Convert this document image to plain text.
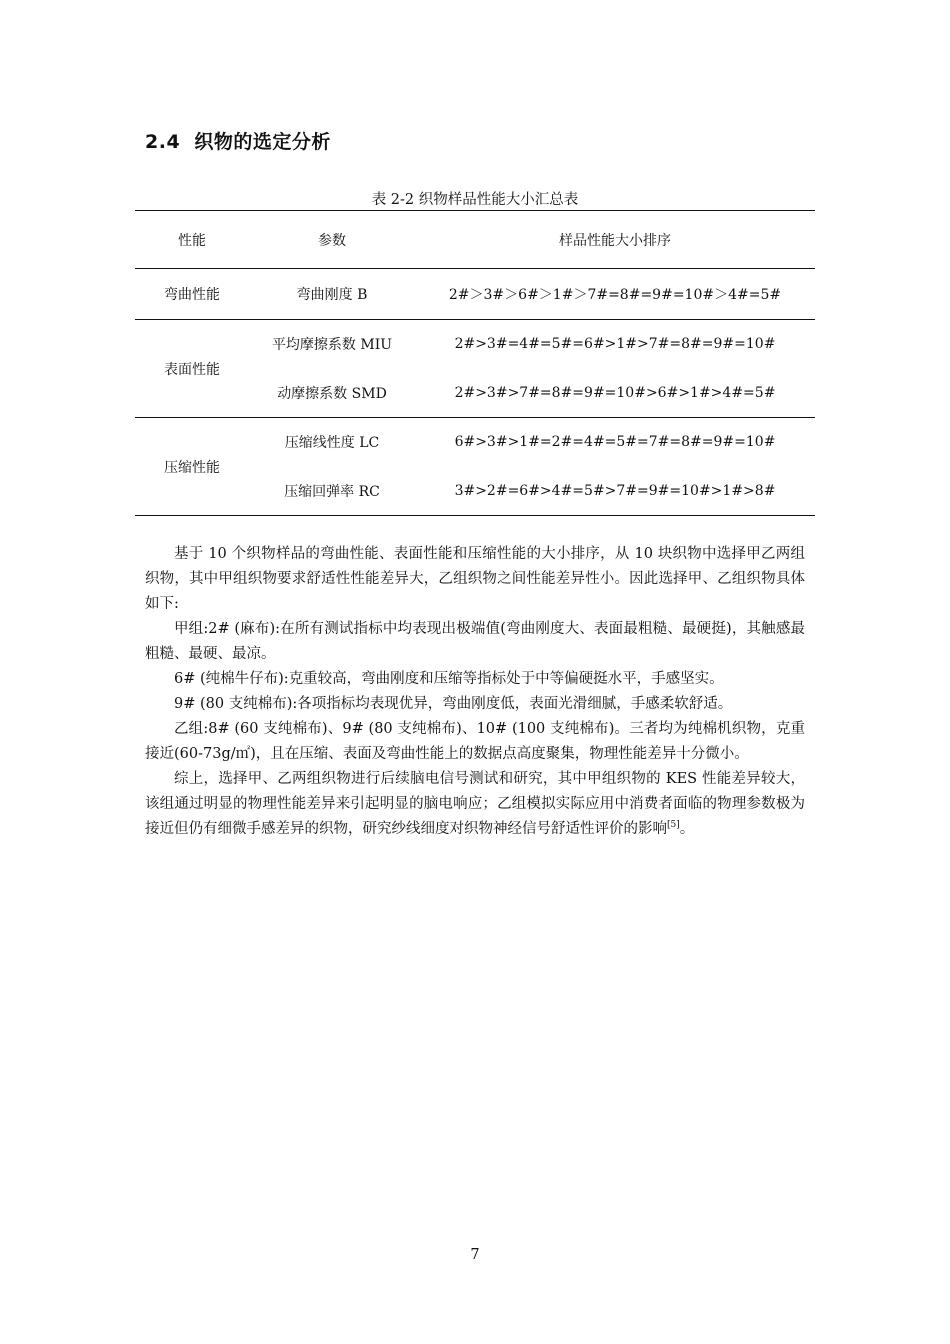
2.4 织物的选定分析
表 2-2 织物样品性能大小汇总表
性能	参数	样品性能大小排序
弯曲性能	弯曲刚度 B	2#＞3#＞6#＞1#＞7#=8#=9#=10#＞4#=5#
表面性能	平均摩擦系数 MIU	2#>3#=4#=5#=6#>1#>7#=8#=9#=10#
	动摩擦系数 SMD	2#>3#>7#=8#=9#=10#>6#>1#>4#=5#
压缩性能	压缩线性度 LC	6#>3#>1#=2#=4#=5#=7#=8#=9#=10#
	压缩回弹率 RC	3#>2#=6#>4#=5#>7#=9#=10#>1#>8#

基于 10 个织物样品的弯曲性能、表面性能和压缩性能的大小排序，从 10 块织物中选择甲乙两组织物，其中甲组织物要求舒适性性能差异大，乙组织物之间性能差异性小。因此选择甲、乙组织物具体如下:

甲组:2# (麻布):在所有测试指标中均表现出极端值(弯曲刚度大、表面最粗糙、最硬挺)，其触感最粗糙、最硬、最凉。

6# (纯棉牛仔布):克重较高，弯曲刚度和压缩等指标处于中等偏硬挺水平，手感坚实。

9# (80 支纯棉布):各项指标均表现优异，弯曲刚度低，表面光滑细腻，手感柔软舒适。

乙组:8# (60 支纯棉布)、9# (80 支纯棉布)、10# (100 支纯棉布)。三者均为纯棉机织物，克重接近(60-73g/㎡)，且在压缩、表面及弯曲性能上的数据点高度聚集，物理性能差异十分微小。

综上，选择甲、乙两组织物进行后续脑电信号测试和研究，其中甲组织物的 KES 性能差异较大，该组通过明显的物理性能差异来引起明显的脑电响应；乙组模拟实际应用中消费者面临的物理参数极为接近但仍有细微手感差异的织物，研究纱线细度对织物神经信号舒适性评价的影响[5]。

7
